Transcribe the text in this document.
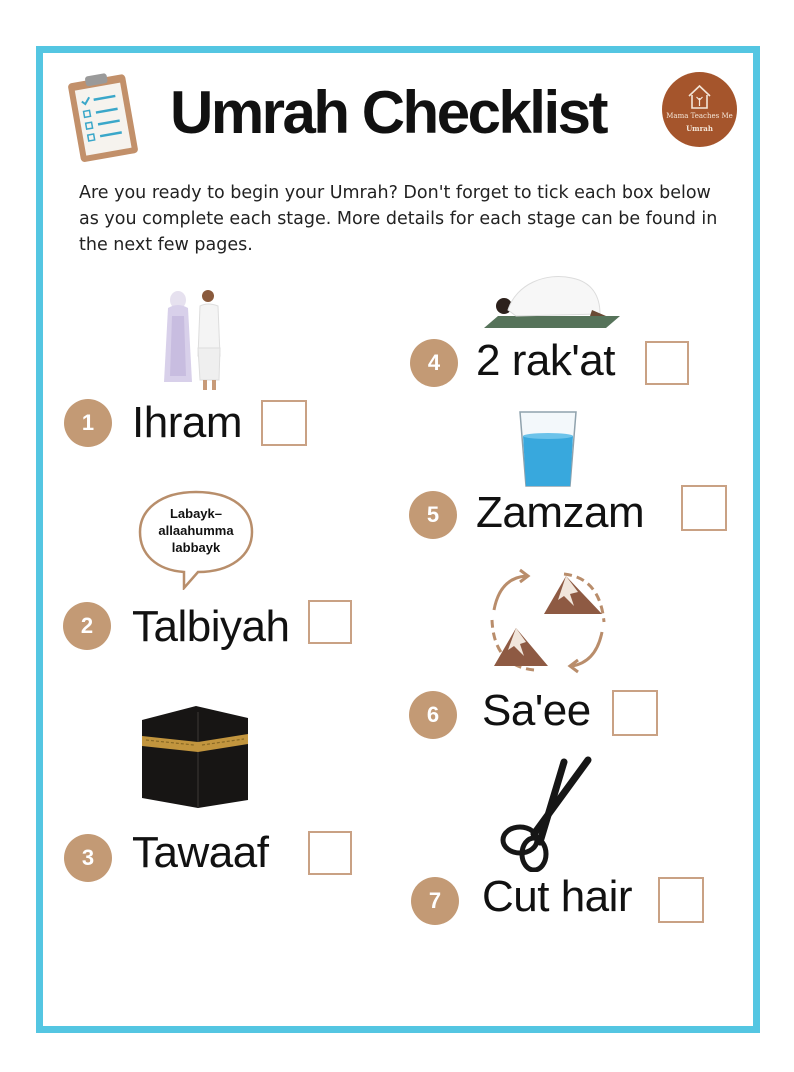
Umrah Checklist	Mama Teaches Me
Umrah
Are you ready to begin your Umrah? Don't forget to tick each box below as you complete each stage. More details for each stage can be found in the next few pages.
Labayk–
allaahumma
labbayk
1 Ihram
2 Talbiyah
3 Tawaaf
4 2 rak'at
5 Zamzam
6 Sa'ee
7 Cut hair
